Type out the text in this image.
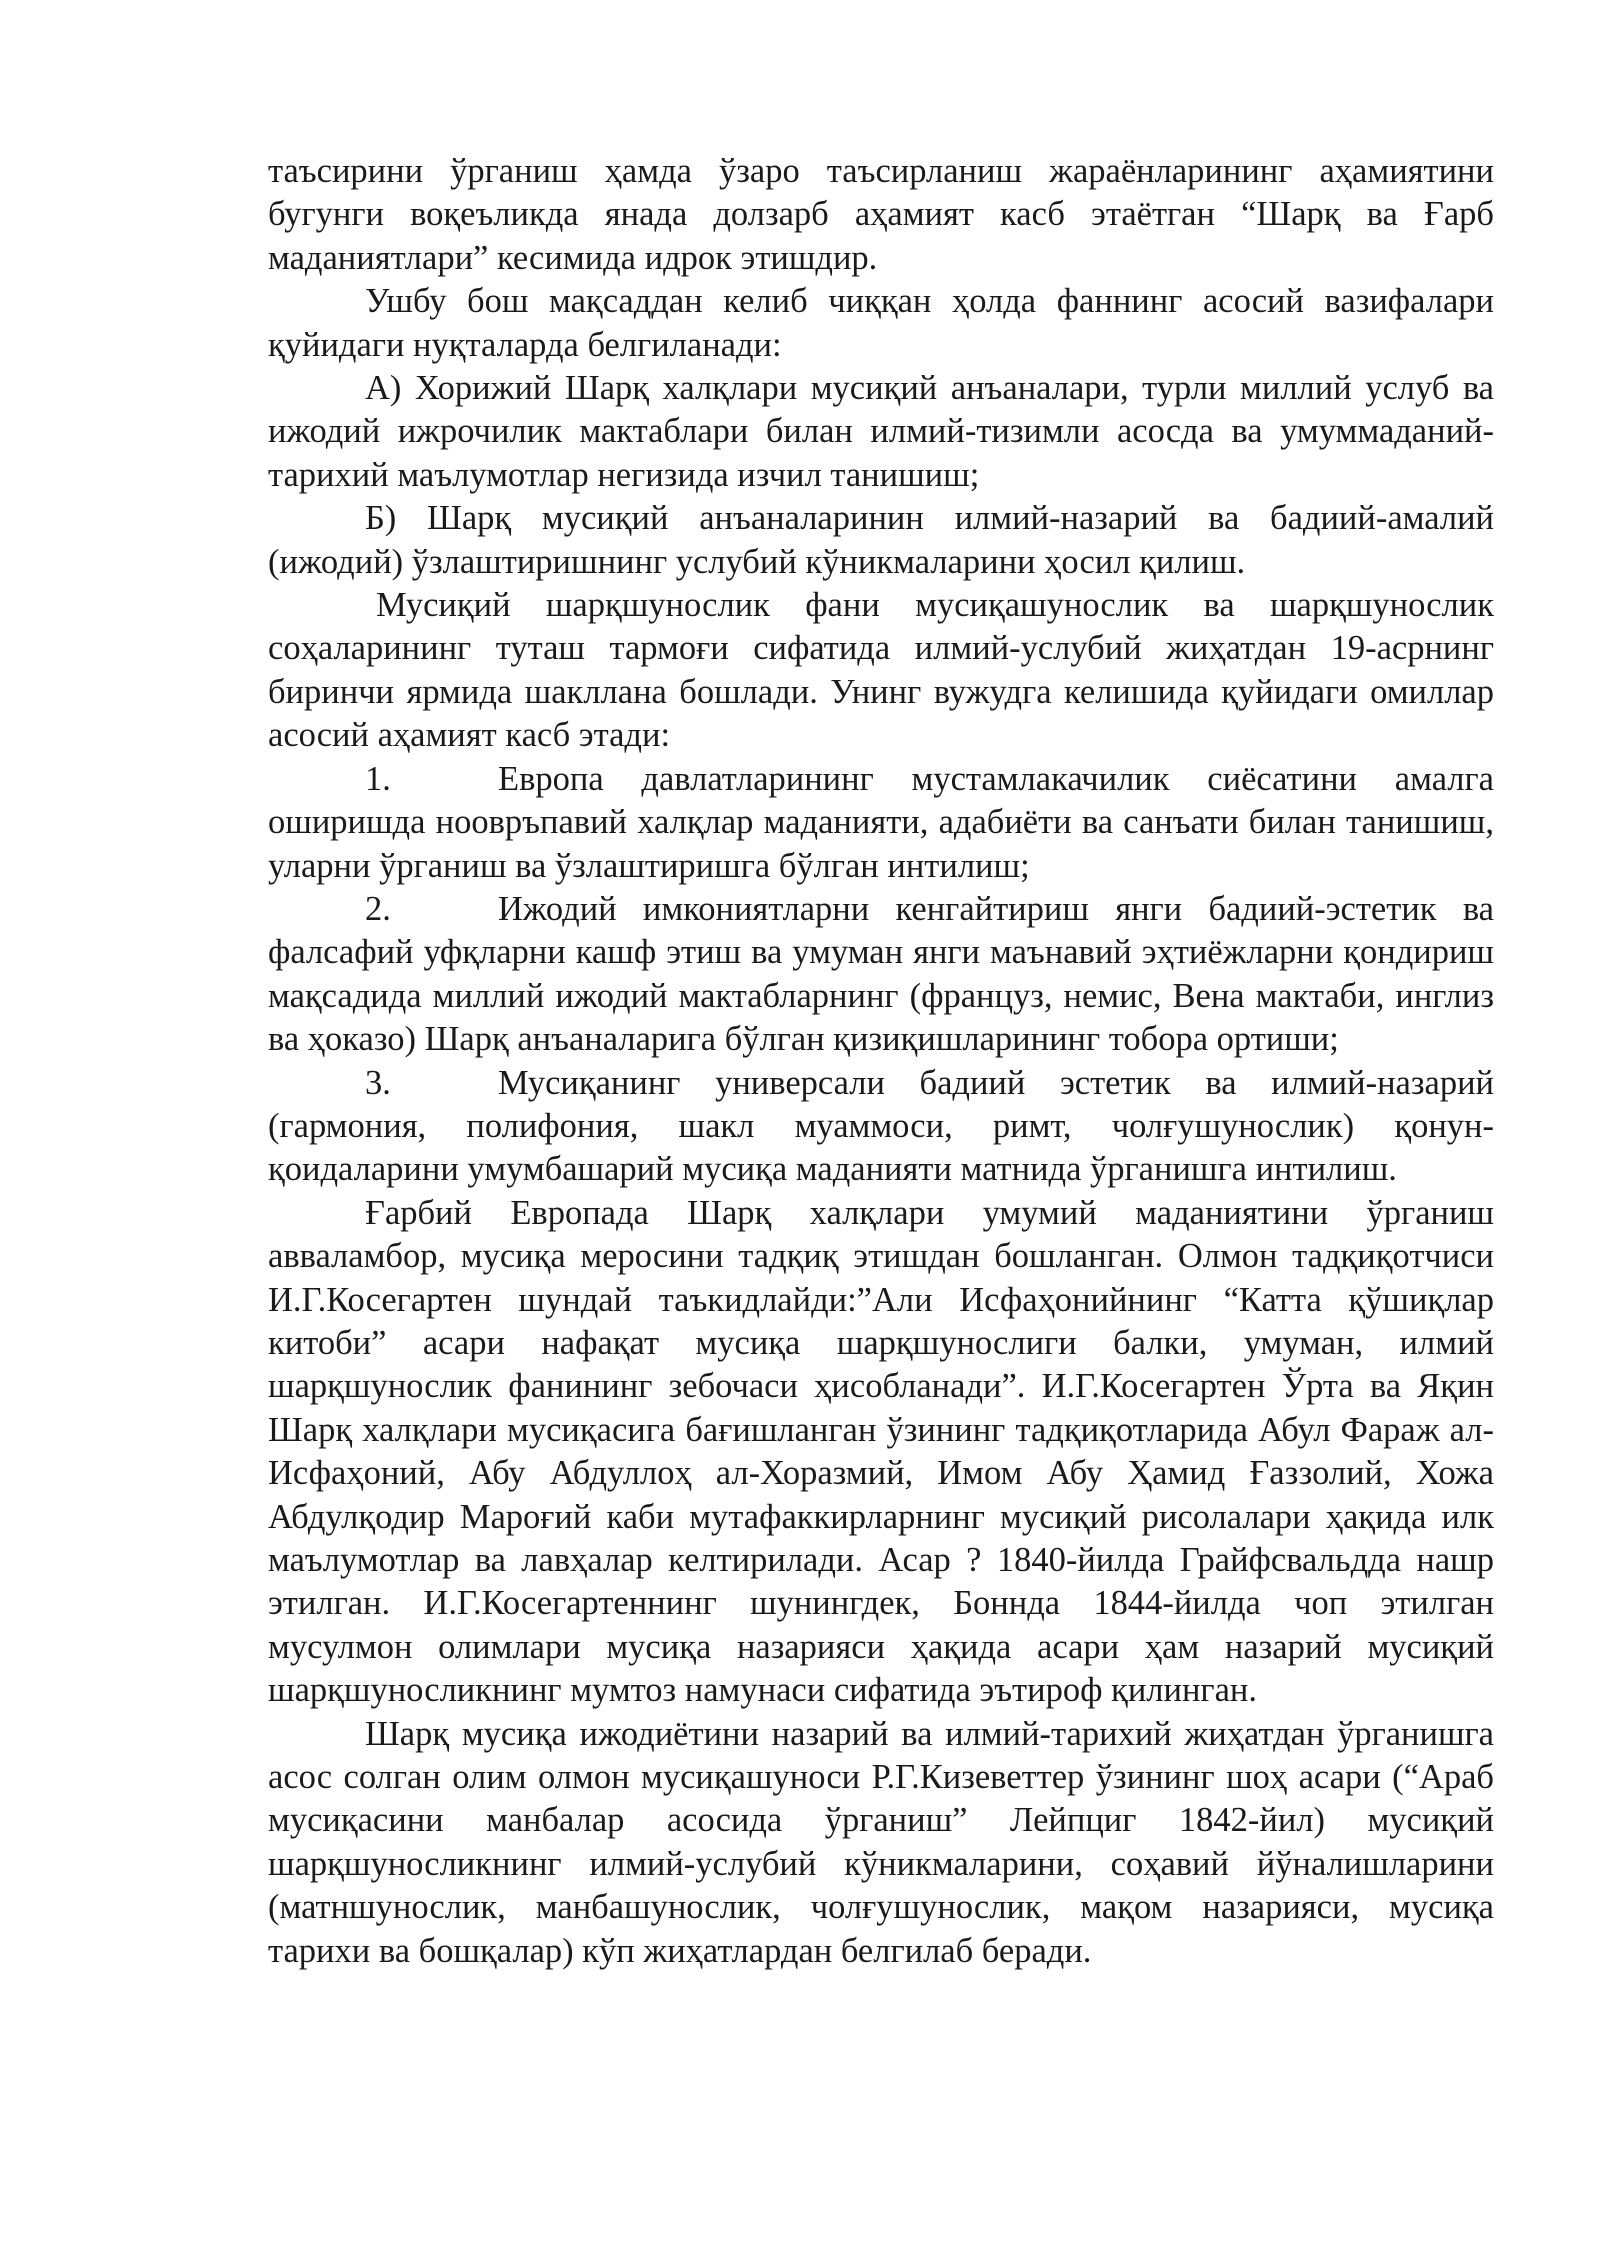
таъсирини ўрганиш ҳамда ўзаро таъсирланиш жараёнларининг аҳамиятини бугунги воқеъликда янада долзарб аҳамият касб этаётган “Шарқ ва Ғарб маданиятлари” кесимида идрок этишдир.

Ушбу бош мақсаддан келиб чиққан ҳолда фаннинг асосий вазифалари қуйидаги нуқталарда белгиланади:

А) Хорижий Шарқ халқлари мусиқий анъаналари, турли миллий услуб ва ижодий ижрочилик мактаблари билан илмий-тизимли асосда ва умуммаданий-тарихий маълумотлар негизида изчил танишиш;

Б) Шарқ мусиқий анъаналаринин илмий-назарий ва бадиий-амалий (ижодий) ўзлаштиришнинг услубий кўникмаларини ҳосил қилиш.

Мусиқий шарқшунослик фани мусиқашунослик ва шарқшунослик соҳаларининг туташ тармоғи сифатида илмий-услубий жиҳатдан 19-асрнинг биринчи ярмида шакллана бошлади. Унинг вужудга келишида қуйидаги омиллар асосий аҳамият касб этади:

1.	Европа давлатларининг мустамлакачилик сиёсатини амалга оширишда ноовръпавий халқлар маданияти, адабиёти ва санъати билан танишиш, уларни ўрганиш ва ўзлаштиришга бўлган интилиш;

2.	Ижодий имкониятларни кенгайтириш янги бадиий-эстетик ва фалсафий уфқларни кашф этиш ва умуман янги маънавий эҳтиёжларни қондириш мақсадида миллий ижодий мактабларнинг (француз, немис, Вена мактаби, инглиз ва ҳоказо) Шарқ анъаналарига бўлган қизиқишларининг тобора ортиши;

3.	Мусиқанинг универсали бадиий эстетик ва илмий-назарий (гармония, полифония, шакл муаммоси, римт, чолғушунослик) қонун-қоидаларини умумбашарий мусиқа маданияти матнида ўрганишга интилиш.

Ғарбий Европада Шарқ халқлари умумий маданиятини ўрганиш авваламбор, мусиқа меросини тадқиқ этишдан бошланган. Олмон тадқиқотчиси И.Г.Косегартен шундай таъкидлайди:”Али Исфаҳонийнинг “Катта қўшиқлар китоби” асари нафақат мусиқа шарқшунослиги балки, умуман, илмий шарқшунослик фанининг зебочаси ҳисобланади”. И.Г.Косегартен Ўрта ва Яқин Шарқ халқлари мусиқасига бағишланган ўзининг тадқиқотларида Абул Фараж ал-Исфаҳоний, Абу Абдуллоҳ ал-Хоразмий, Имом Абу Ҳамид Ғаззолий, Хожа Абдулқодир Мароғий каби мутафаккирларнинг мусиқий рисолалари ҳақида илк маълумотлар ва лавҳалар келтирилади. Асар ? 1840-йилда Грайфсвальдда нашр этилган. И.Г.Косегартеннинг шунингдек, Боннда 1844-йилда чоп этилган мусулмон олимлари мусиқа назарияси ҳақида асари ҳам назарий мусиқий шарқшуносликнинг мумтоз намунаси сифатида эътироф қилинган.

Шарқ мусиқа ижодиётини назарий ва илмий-тарихий жиҳатдан ўрганишга асос солган олим олмон мусиқашуноси Р.Г.Кизеветтер ўзининг шоҳ асари (“Араб мусиқасини манбалар асосида ўрганиш” Лейпциг 1842-йил) мусиқий шарқшуносликнинг илмий-услубий кўникмаларини, соҳавий йўналишларини (матншунослик, манбашунослик, чолғушунослик, мақом назарияси, мусиқа тарихи ва бошқалар) кўп жиҳатлардан белгилаб беради.
